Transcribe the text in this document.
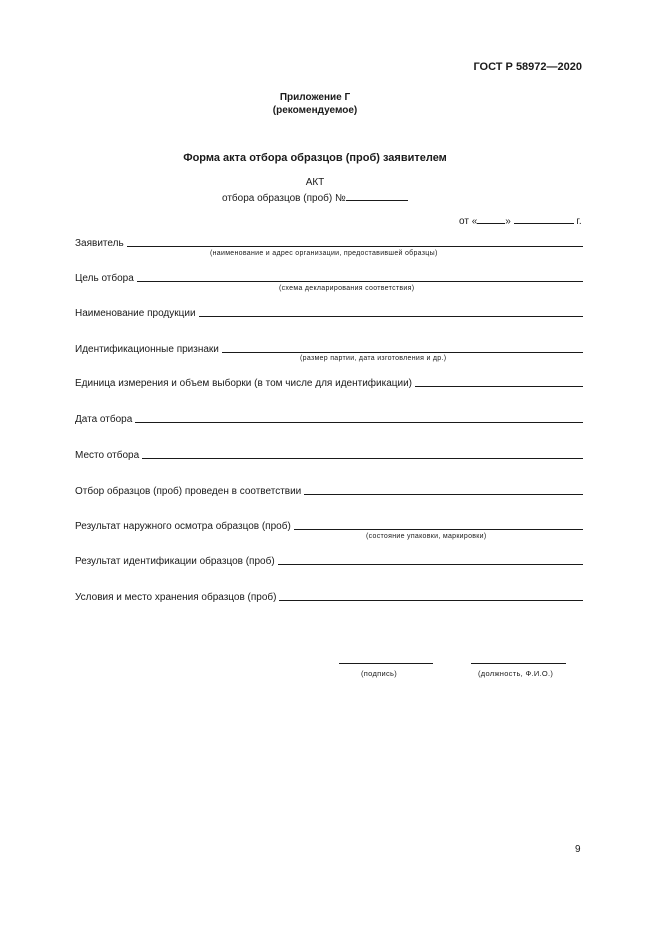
ГОСТ Р 58972—2020
Приложение Г
(рекомендуемое)
Форма акта отбора образцов (проб) заявителем
АКТ
отбора образцов (проб) №
от «	»	г.
Заявитель
(наименование и адрес организации, предоставившей образцы)
Цель отбора
(схема декларирования соответствия)
Наименование продукции
Идентификационные признаки
(размер партии, дата изготовления и др.)
Единица измерения и объем выборки (в том числе для идентификации)
Дата отбора
Место отбора
Отбор образцов (проб) проведен в соответствии
Результат наружного осмотра образцов (проб)
(состояние упаковки, маркировки)
Результат идентификации образцов (проб)
Условия и место хранения образцов (проб)
(подпись)	(должность, Ф.И.О.)
9
